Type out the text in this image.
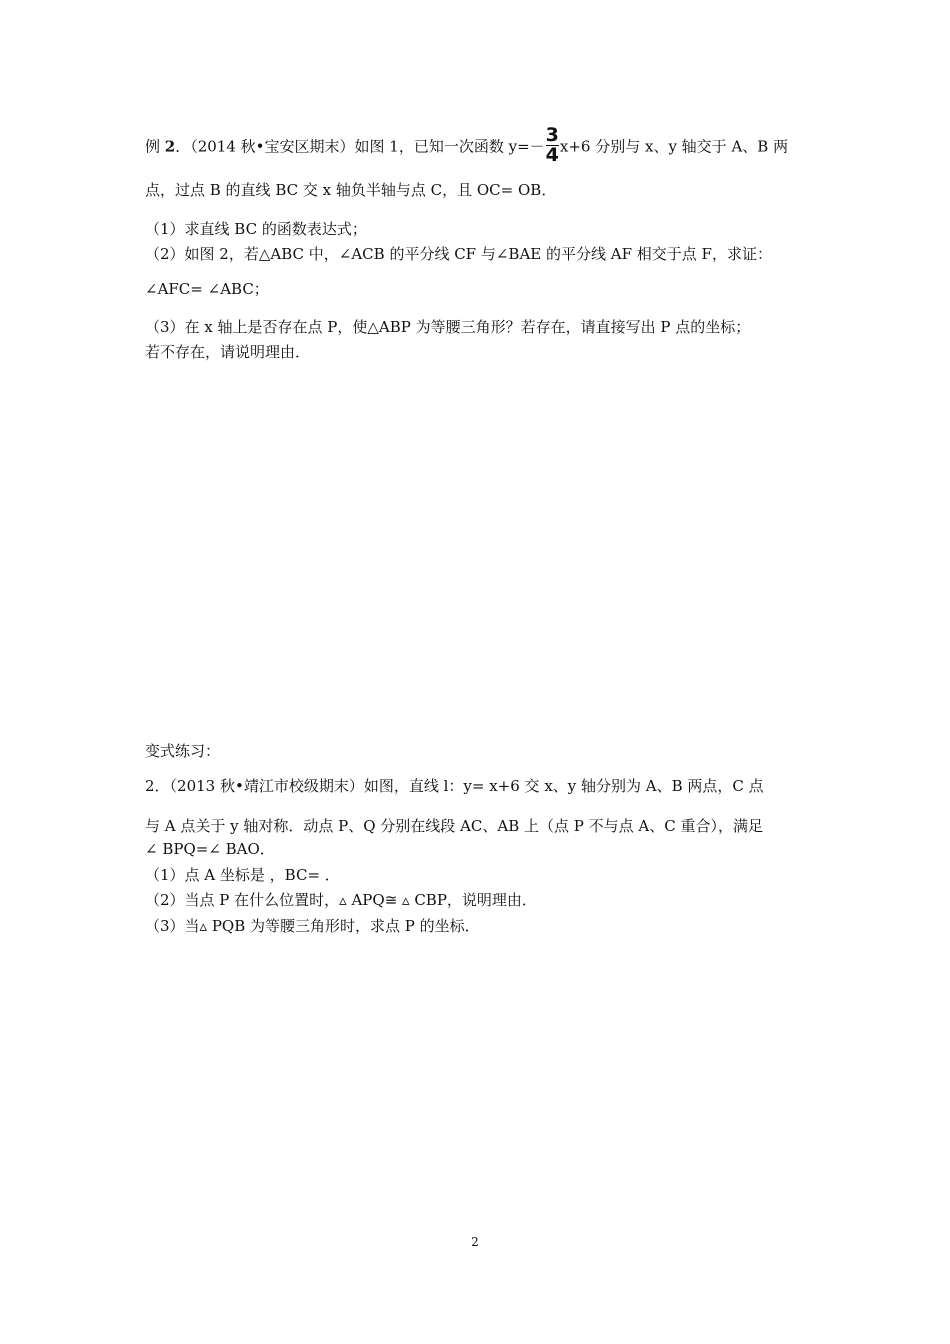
例 2．（2014 秋•宝安区期末）如图 1，已知一次函数 $y=- \frac{3}{4} x+6$ 分别与 x、y 轴交于 A、B 两
点，过点 B 的直线 BC 交 x 轴负半轴与点 C，且 OC= OB．
（1）求直线 BC 的函数表达式；
（2）如图 2，若△ABC 中，∠ACB 的平分线 CF 与∠BAE 的平分线 AF 相交于点 F，求证：
∠AFC= ∠ABC；
（3）在 x 轴上是否存在点 P，使△ABP 为等腰三角形？若存在，请直接写出 P 点的坐标；
若不存在，请说明理由．
变式练习：
2．（2013 秋•靖江市校级期末）如图，直线 l：y= x+6 交 x、y 轴分别为 A、B 两点，C 点
与 A 点关于 y 轴对称．动点 P、Q 分别在线段 AC、AB 上（点 P 不与点 A、C 重合），满足
∠ BPQ=∠ BAO．
（1）点 A 坐标是 ，BC= ．
（2）当点 P 在什么位置时，▵ APQ≅ ▵ CBP，说明理由．
（3）当▵ PQB 为等腰三角形时，求点 P 的坐标．
2
